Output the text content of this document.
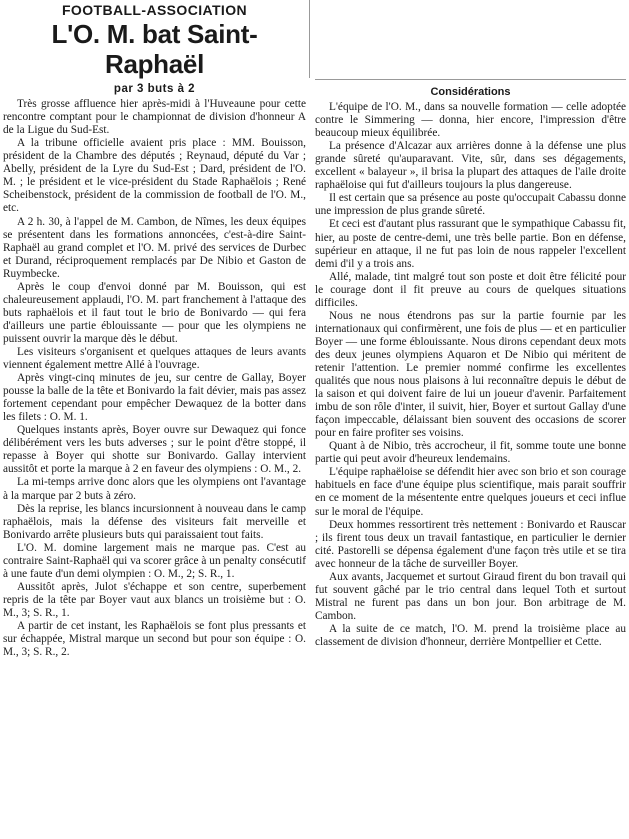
FOOTBALL-ASSOCIATION
L'O. M. bat Saint-Raphaël
par 3 buts à 2

Très grosse affluence hier après-midi à l'Huveaune pour cette rencontre comptant pour le championnat de division d'honneur A de la Ligue du Sud-Est.

A la tribune officielle avaient pris place : MM. Bouisson, président de la Chambre des députés ; Reynaud, député du Var ; Abelly, président de la Lyre du Sud-Est ; Dard, président de l'O. M. ; le président et le vice-président du Stade Raphaëlois ; René Scheibenstock, président de la commission de football de l'O. M., etc.

A 2 h. 30, à l'appel de M. Cambon, de Nîmes, les deux équipes se présentent dans les formations annoncées, c'est-à-dire Saint-Raphaël au grand complet et l'O. M. privé des services de Durbec et Durand, réciproquement remplacés par De Nibio et Gaston de Ruymbecke.

Après le coup d'envoi donné par M. Bouisson, qui est chaleureusement applaudi, l'O. M. part franchement à l'attaque des buts raphaëlois et il faut tout le brio de Bonivardo — qui fera d'ailleurs une partie éblouissante — pour que les olympiens ne puissent ouvrir la marque dès le début.

Les visiteurs s'organisent et quelques attaques de leurs avants viennent également mettre Allé à l'ouvrage.

Après vingt-cinq minutes de jeu, sur centre de Gallay, Boyer pousse la balle de la tête et Bonivardo la fait dévier, mais pas assez fortement cependant pour empêcher Dewaquez de la botter dans les filets : O. M. 1.

Quelques instants après, Boyer ouvre sur Dewaquez qui fonce délibérément vers les buts adverses ; sur le point d'être stoppé, il repasse à Boyer qui shotte sur Bonivardo. Gallay intervient aussitôt et porte la marque à 2 en faveur des olympiens : O. M., 2.

La mi-temps arrive donc alors que les olympiens ont l'avantage à la marque par 2 buts à zéro.

Dès la reprise, les blancs incursionnent à nouveau dans le camp raphaëlois, mais la défense des visiteurs fait merveille et Bonivardo arrête plusieurs buts qui paraissaient tout faits.

L'O. M. domine largement mais ne marque pas. C'est au contraire Saint-Raphaël qui va scorer grâce à un penalty consécutif à une faute d'un demi olympien : O. M., 2; S. R., 1.

Aussitôt après, Julot s'échappe et son centre, superbement repris de la tête par Boyer vaut aux blancs un troisième but : O. M., 3; S. R., 1.

A partir de cet instant, les Raphaëlois se font plus pressants et sur échappée, Mistral marque un second but pour son équipe : O. M., 3; S. R., 2.

Considérations

L'équipe de l'O. M., dans sa nouvelle formation — celle adoptée contre le Simmering — donna, hier encore, l'impression d'être beaucoup mieux équilibrée.

La présence d'Alcazar aux arrières donne à la défense une plus grande sûreté qu'auparavant. Vite, sûr, dans ses dégagements, excellent « balayeur », il brisa la plupart des attaques de l'aile droite raphaëloise qui fut d'ailleurs toujours la plus dangereuse.

Il est certain que sa présence au poste qu'occupait Cabassu donne une impression de plus grande sûreté.

Et ceci est d'autant plus rassurant que le sympathique Cabassu fit, hier, au poste de centre-demi, une très belle partie. Bon en défense, supérieur en attaque, il ne fut pas loin de nous rappeler l'excellent demi d'il y a trois ans.

Allé, malade, tint malgré tout son poste et doit être félicité pour le courage dont il fit preuve au cours de quelques situations difficiles.

Nous ne nous étendrons pas sur la partie fournie par les internationaux qui confirmèrent, une fois de plus — et en particulier Boyer — une forme éblouissante. Nous dirons cependant deux mots des deux jeunes olympiens Aquaron et De Nibio qui méritent de retenir l'attention. Le premier nommé confirme les excellentes qualités que nous nous plaisons à lui reconnaître depuis le début de la saison et qui doivent faire de lui un joueur d'avenir. Parfaitement imbu de son rôle d'inter, il suivit, hier, Boyer et surtout Gallay d'une façon impeccable, délaissant bien souvent des occasions de scorer pour en faire profiter ses voisins.

Quant à de Nibio, très accrocheur, il fit, somme toute une bonne partie qui peut avoir d'heureux lendemains.

L'équipe raphaëloise se défendit hier avec son brio et son courage habituels en face d'une équipe plus scientifique, mais parait souffrir en ce moment de la mésentente entre quelques joueurs et ceci influe sur le moral de l'équipe.

Deux hommes ressortirent très nettement : Bonivardo et Rauscar ; ils firent tous deux un travail fantastique, en particulier le dernier cité. Pastorelli se dépensa également d'une façon très utile et se tira avec honneur de la tâche de surveiller Boyer.

Aux avants, Jacquemet et surtout Giraud firent du bon travail qui fut souvent gâché par le trio central dans lequel Toth et surtout Mistral ne furent pas dans un bon jour. Bon arbitrage de M. Cambon.

A la suite de ce match, l'O. M. prend la troisième place au classement de division d'honneur, derrière Montpellier et Cette.
